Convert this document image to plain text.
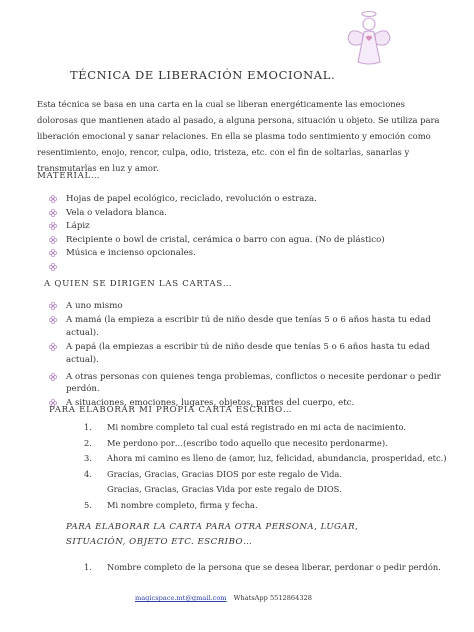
TÉCNICA DE LIBERACIÓN EMOCIONAL.
Esta técnica se basa en una carta en la cual se liberan energéticamente las emociones dolorosas que mantienen atado al pasado, a alguna persona, situación u objeto. Se utiliza para liberación emocional y sanar relaciones. En ella se plasma todo sentimiento y emoción como resentimiento, enojo, rencor, culpa, odio, tristeza, etc. con el fin de soltarlas, sanarlas y transmutarlas en luz y amor.
MATERIAL…
Hojas de papel ecológico, reciclado, revolución o estraza.
Vela o veladora blanca.
Lápiz
Recipiente o bowl de cristal, cerámica o barro con agua. (No de plástico)
Música e incienso opcionales.
A QUIEN SE DIRIGEN LAS CARTAS…
A uno mismo
A mamá (la empieza a escribir tú de niño desde que tenías 5 o 6 años hasta tu edad actual).
A papá (la empiezas a escribir tú de niño desde que tenías 5 o 6 años hasta tu edad actual).
A otras personas con quienes tenga problemas, conflictos o necesite perdonar o pedir perdón.
A situaciones, emociones, lugares, objetos, partes del cuerpo, etc.
PARA ELABORAR MI PROPIA CARTA ESCRIBO…
1. Mi nombre completo tal cual está registrado en mi acta de nacimiento.
2. Me perdono por…(escribo todo aquello que necesito perdonarme).
3. Ahora mi camino es lleno de (amor, luz, felicidad, abundancia, prosperidad, etc.)
4. Gracias, Gracias, Gracias DIOS por este regalo de Vida.
Gracias, Gracias, Gracias Vida por este regalo de DIOS.
5. Mi nombre completo, firma y fecha.
PARA ELABORAR LA CARTA PARA OTRA PERSONA, LUGAR,
SITUACIÓN, OBJETO ETC. ESCRIBO…
1. Nombre completo de la persona que se desea liberar, perdonar o pedir perdón.
magicspace.mt@gmail.com WhatsApp 5512864328
